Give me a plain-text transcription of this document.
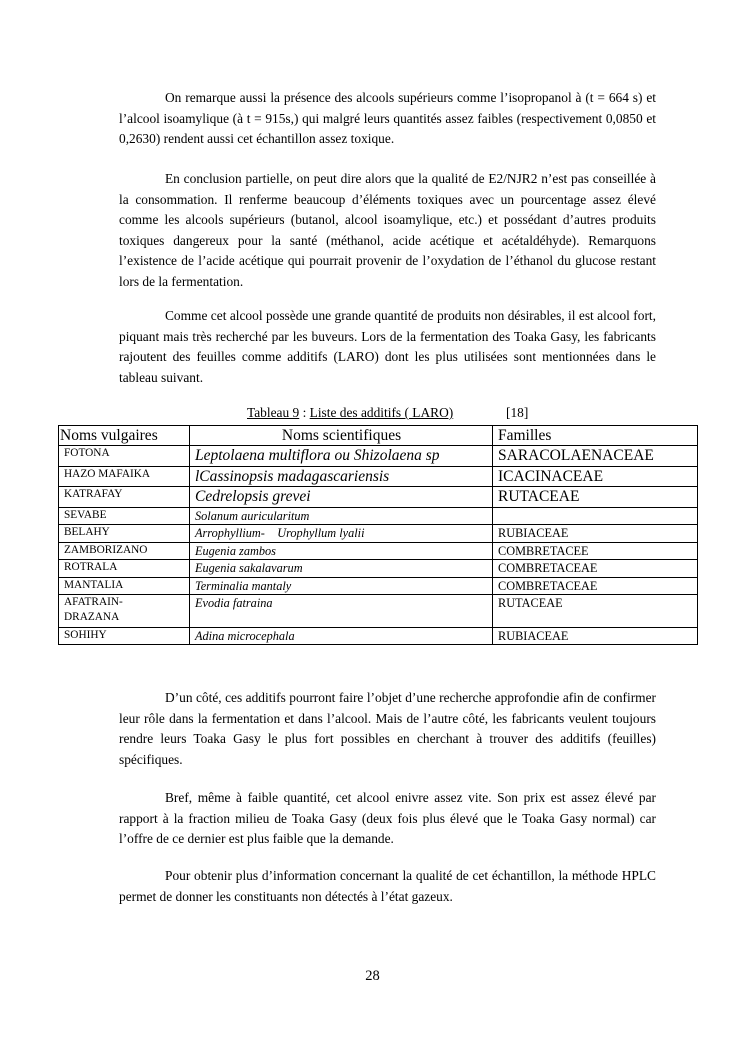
On remarque aussi la présence des alcools supérieurs comme l’isopropanol à (t = 664 s) et l’alcool isoamylique (à t = 915s,) qui malgré leurs quantités assez faibles (respectivement 0,0850 et 0,2630) rendent aussi cet échantillon assez toxique.

En conclusion partielle, on peut dire alors que la qualité de E2/NJR2 n’est pas conseillée à la consommation. Il renferme beaucoup d’éléments toxiques avec un pourcentage assez élevé comme les alcools supérieurs (butanol, alcool isoamylique, etc.) et possédant d’autres produits toxiques dangereux pour la santé (méthanol, acide acétique et acétaldéhyde). Remarquons l’existence de l’acide acétique qui pourrait provenir de l’oxydation de l’éthanol du glucose restant lors de la fermentation.

Comme cet alcool possède une grande quantité de produits non désirables, il est alcool fort, piquant mais très recherché par les buveurs. Lors de la fermentation des Toaka Gasy, les fabricants rajoutent des feuilles comme additifs (LARO) dont les plus utilisées sont mentionnées dans le tableau suivant.

Tableau 9 : Liste des additifs ( LARO)	[18]
Noms vulgaires	Noms scientifiques	Familles
FOTONA	Leptolaena multiflora ou Shizolaena sp	SARACOLAENACEAE
HAZO MAFAIKA	lCassinopsis madagascariensis	ICACINACEAE
KATRAFAY	Cedrelopsis grevei	RUTACEAE
SEVABE	Solanum auricularitum	
BELAHY	Arrophyllium-    Urophyllum lyalii	RUBIACEAE
ZAMBORIZANO	Eugenia zambos	COMBRETACEE
ROTRALA	Eugenia sakalavarum	COMBRETACEAE
MANTALIA	Terminalia mantaly	COMBRETACEAE
AFATRAIN-
DRAZANA	Evodia fatraina	RUTACEAE
SOHIHY	Adina microcephala	RUBIACEAE

D’un côté, ces additifs pourront faire l’objet d’une recherche approfondie afin de confirmer leur rôle dans la fermentation et dans l’alcool. Mais de l’autre côté, les fabricants veulent toujours rendre leurs Toaka Gasy le plus fort possibles en cherchant à trouver des additifs (feuilles) spécifiques.

Bref, même à faible quantité, cet alcool enivre assez vite. Son prix est assez élevé par rapport à la fraction milieu de Toaka Gasy (deux fois plus élevé que le Toaka Gasy normal) car l’offre de ce dernier est plus faible que la demande.

Pour obtenir plus d’information concernant la qualité de cet échantillon, la méthode HPLC permet de donner les constituants non détectés à l’état gazeux.

28
